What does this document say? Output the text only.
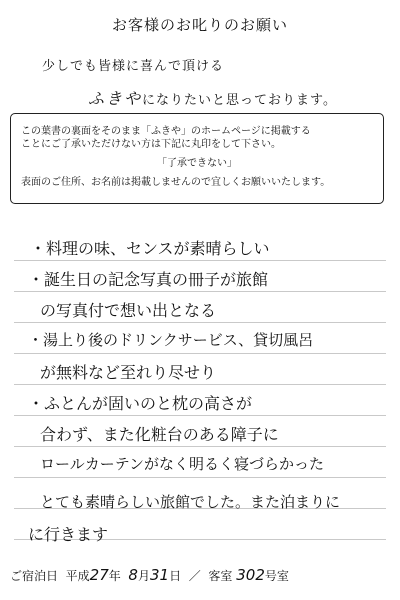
お客様のお叱りのお願い
少しでも皆様に喜んで頂ける
ふきやになりたいと思っております。
この葉書の裏面をそのまま「ふきや」のホームページに掲載する
ことにご了承いただけない方は下記に丸印をして下さい。
「了承できない」
表面のご住所、お名前は掲載しませんので宜しくお願いいたします。
・料理の味、センスが素晴らしい
・誕生日の記念写真の冊子が旅館
の写真付で想い出となる
・湯上り後のドリンクサービス、貸切風呂
が無料など至れり尽せり
・ふとんが固いのと枕の高さが
合わず、また化粧台のある障子に
ロールカーテンがなく明るく寝づらかった
とても素晴らしい旅館でした。また泊まりに
に行きます
ご宿泊日 平成27年 8月31日 ／ 客室 302号室
